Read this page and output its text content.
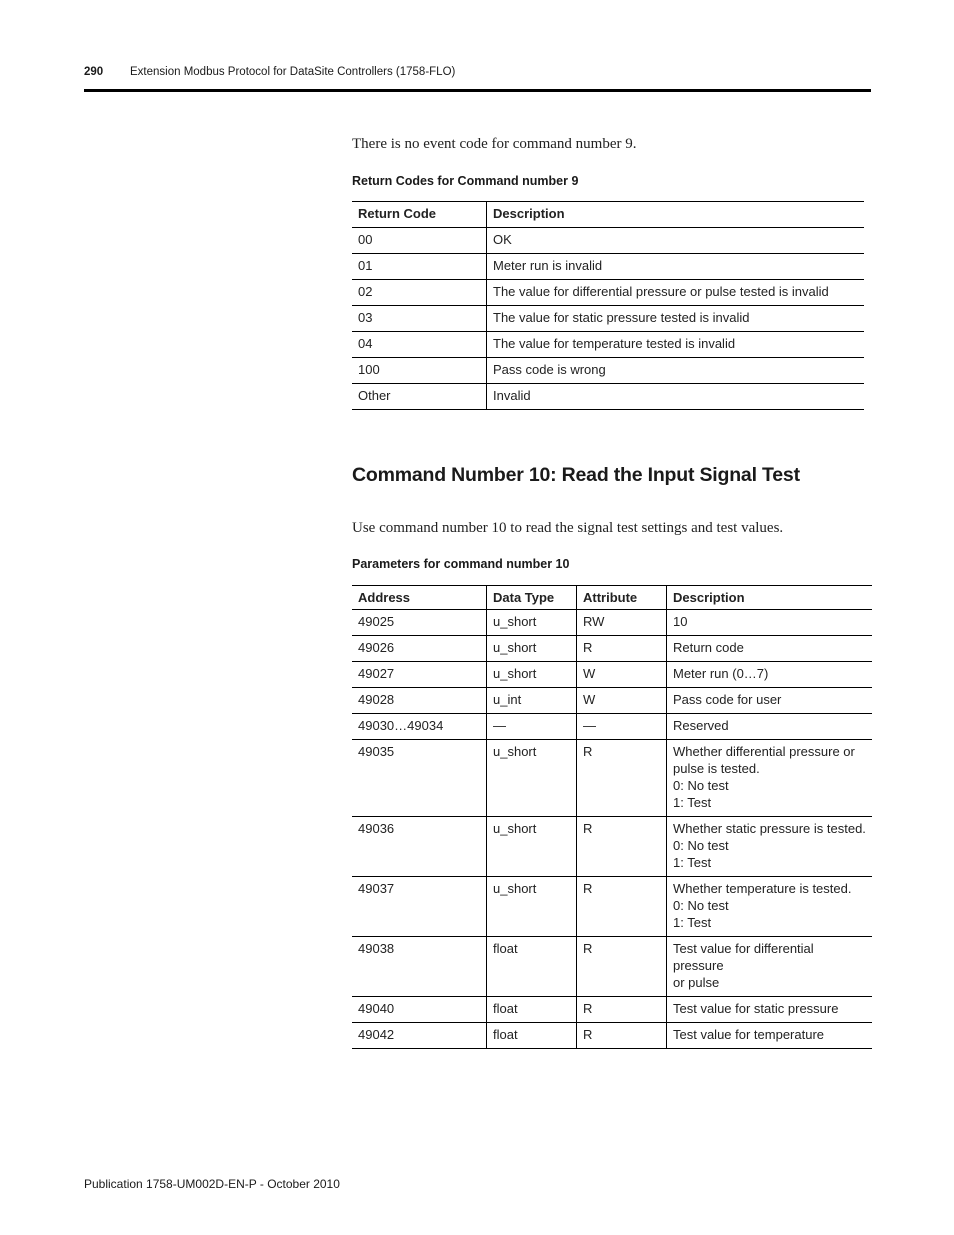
290 Extension Modbus Protocol for DataSite Controllers (1758-FLO)
There is no event code for command number 9.
Return Codes for Command number 9
Return Code	Description
00	OK
01	Meter run is invalid
02	The value for differential pressure or pulse tested is invalid
03	The value for static pressure tested is invalid
04	The value for temperature tested is invalid
100	Pass code is wrong
Other	Invalid
Command Number 10: Read the Input Signal Test
Use command number 10 to read the signal test settings and test values.
Parameters for command number 10
Address	Data Type	Attribute	Description
49025	u_short	RW	10

49026	u_short	R	Return code

49027	u_short	W	Meter run (0…7)

49028	u_int	W	Pass code for user

49030…49034	—	—	Reserved

49035	u_short	R	Whether differential pressure or
pulse is tested.
0: No test
1: Test

49036	u_short	R	Whether static pressure is tested.
0: No test
1: Test

49037	u_short	R	Whether temperature is tested.
0: No test
1: Test

49038	float	R	Test value for differential pressure
or pulse

49040	float	R	Test value for static pressure

49042	float	R	Test value for temperature
Publication 1758-UM002D-EN-P - October 2010
